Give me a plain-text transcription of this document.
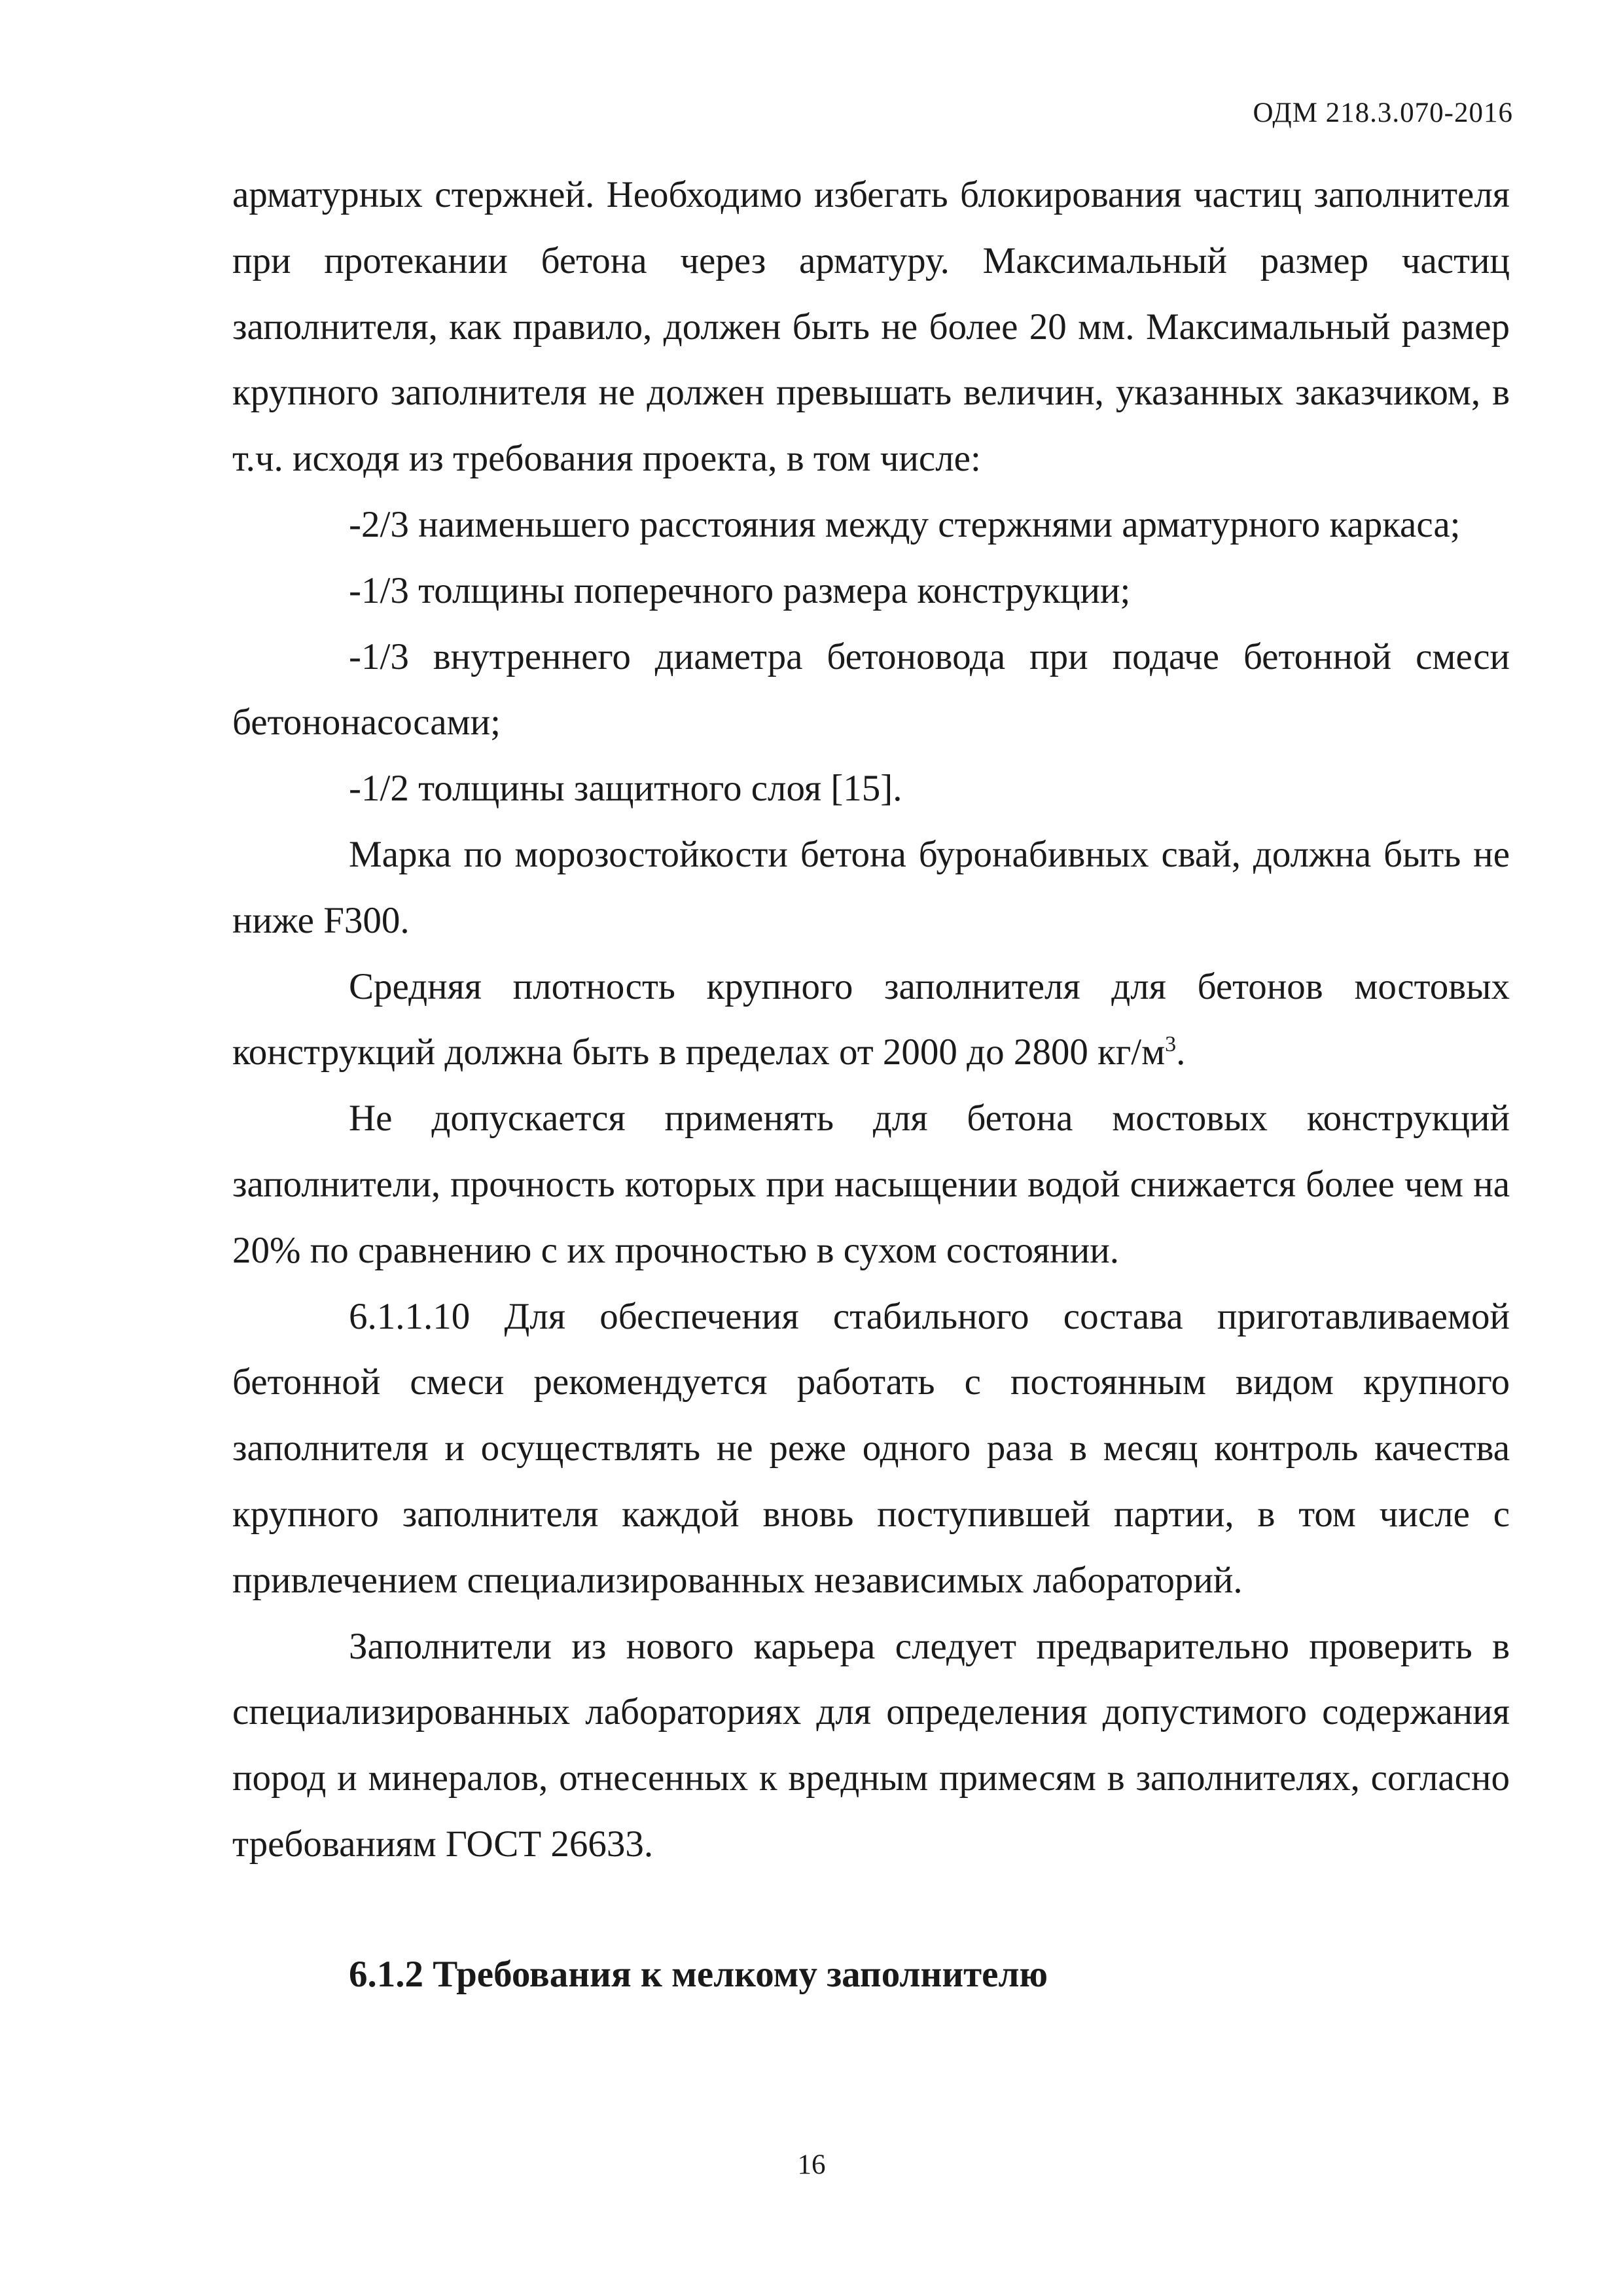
ОДМ 218.3.070-2016

арматурных стержней. Необходимо избегать блокирования частиц заполнителя при протекании бетона через арматуру. Максимальный размер частиц заполнителя, как правило, должен быть не более 20 мм. Максимальный размер крупного заполнителя не должен превышать величин, указанных заказчиком, в т.ч. исходя из требования проекта, в том числе:

-2/3 наименьшего расстояния между стержнями арматурного каркаса;

-1/3 толщины поперечного размера конструкции;

-1/3 внутреннего диаметра бетоновода при подаче бетонной смеси бетононасосами;

-1/2 толщины защитного слоя [15].

Марка по морозостойкости бетона буронабивных свай, должна быть не ниже F300.

Средняя плотность крупного заполнителя для бетонов мостовых конструкций должна быть в пределах от 2000 до 2800 $кг/м^3$.

Не допускается применять для бетона мостовых конструкций заполнители, прочность которых при насыщении водой снижается более чем на 20% по сравнению с их прочностью в сухом состоянии.

6.1.1.10 Для обеспечения стабильного состава приготавливаемой бетонной смеси рекомендуется работать с постоянным видом крупного заполнителя и осуществлять не реже одного раза в месяц контроль качества крупного заполнителя каждой вновь поступившей партии, в том числе с привлечением специализированных независимых лабораторий.

Заполнители из нового карьера следует предварительно проверить в специализированных лабораториях для определения допустимого содержания пород и минералов, отнесенных к вредным примесям в заполнителях, согласно требованиям ГОСТ 26633.

6.1.2 Требования к мелкому заполнителю
16
